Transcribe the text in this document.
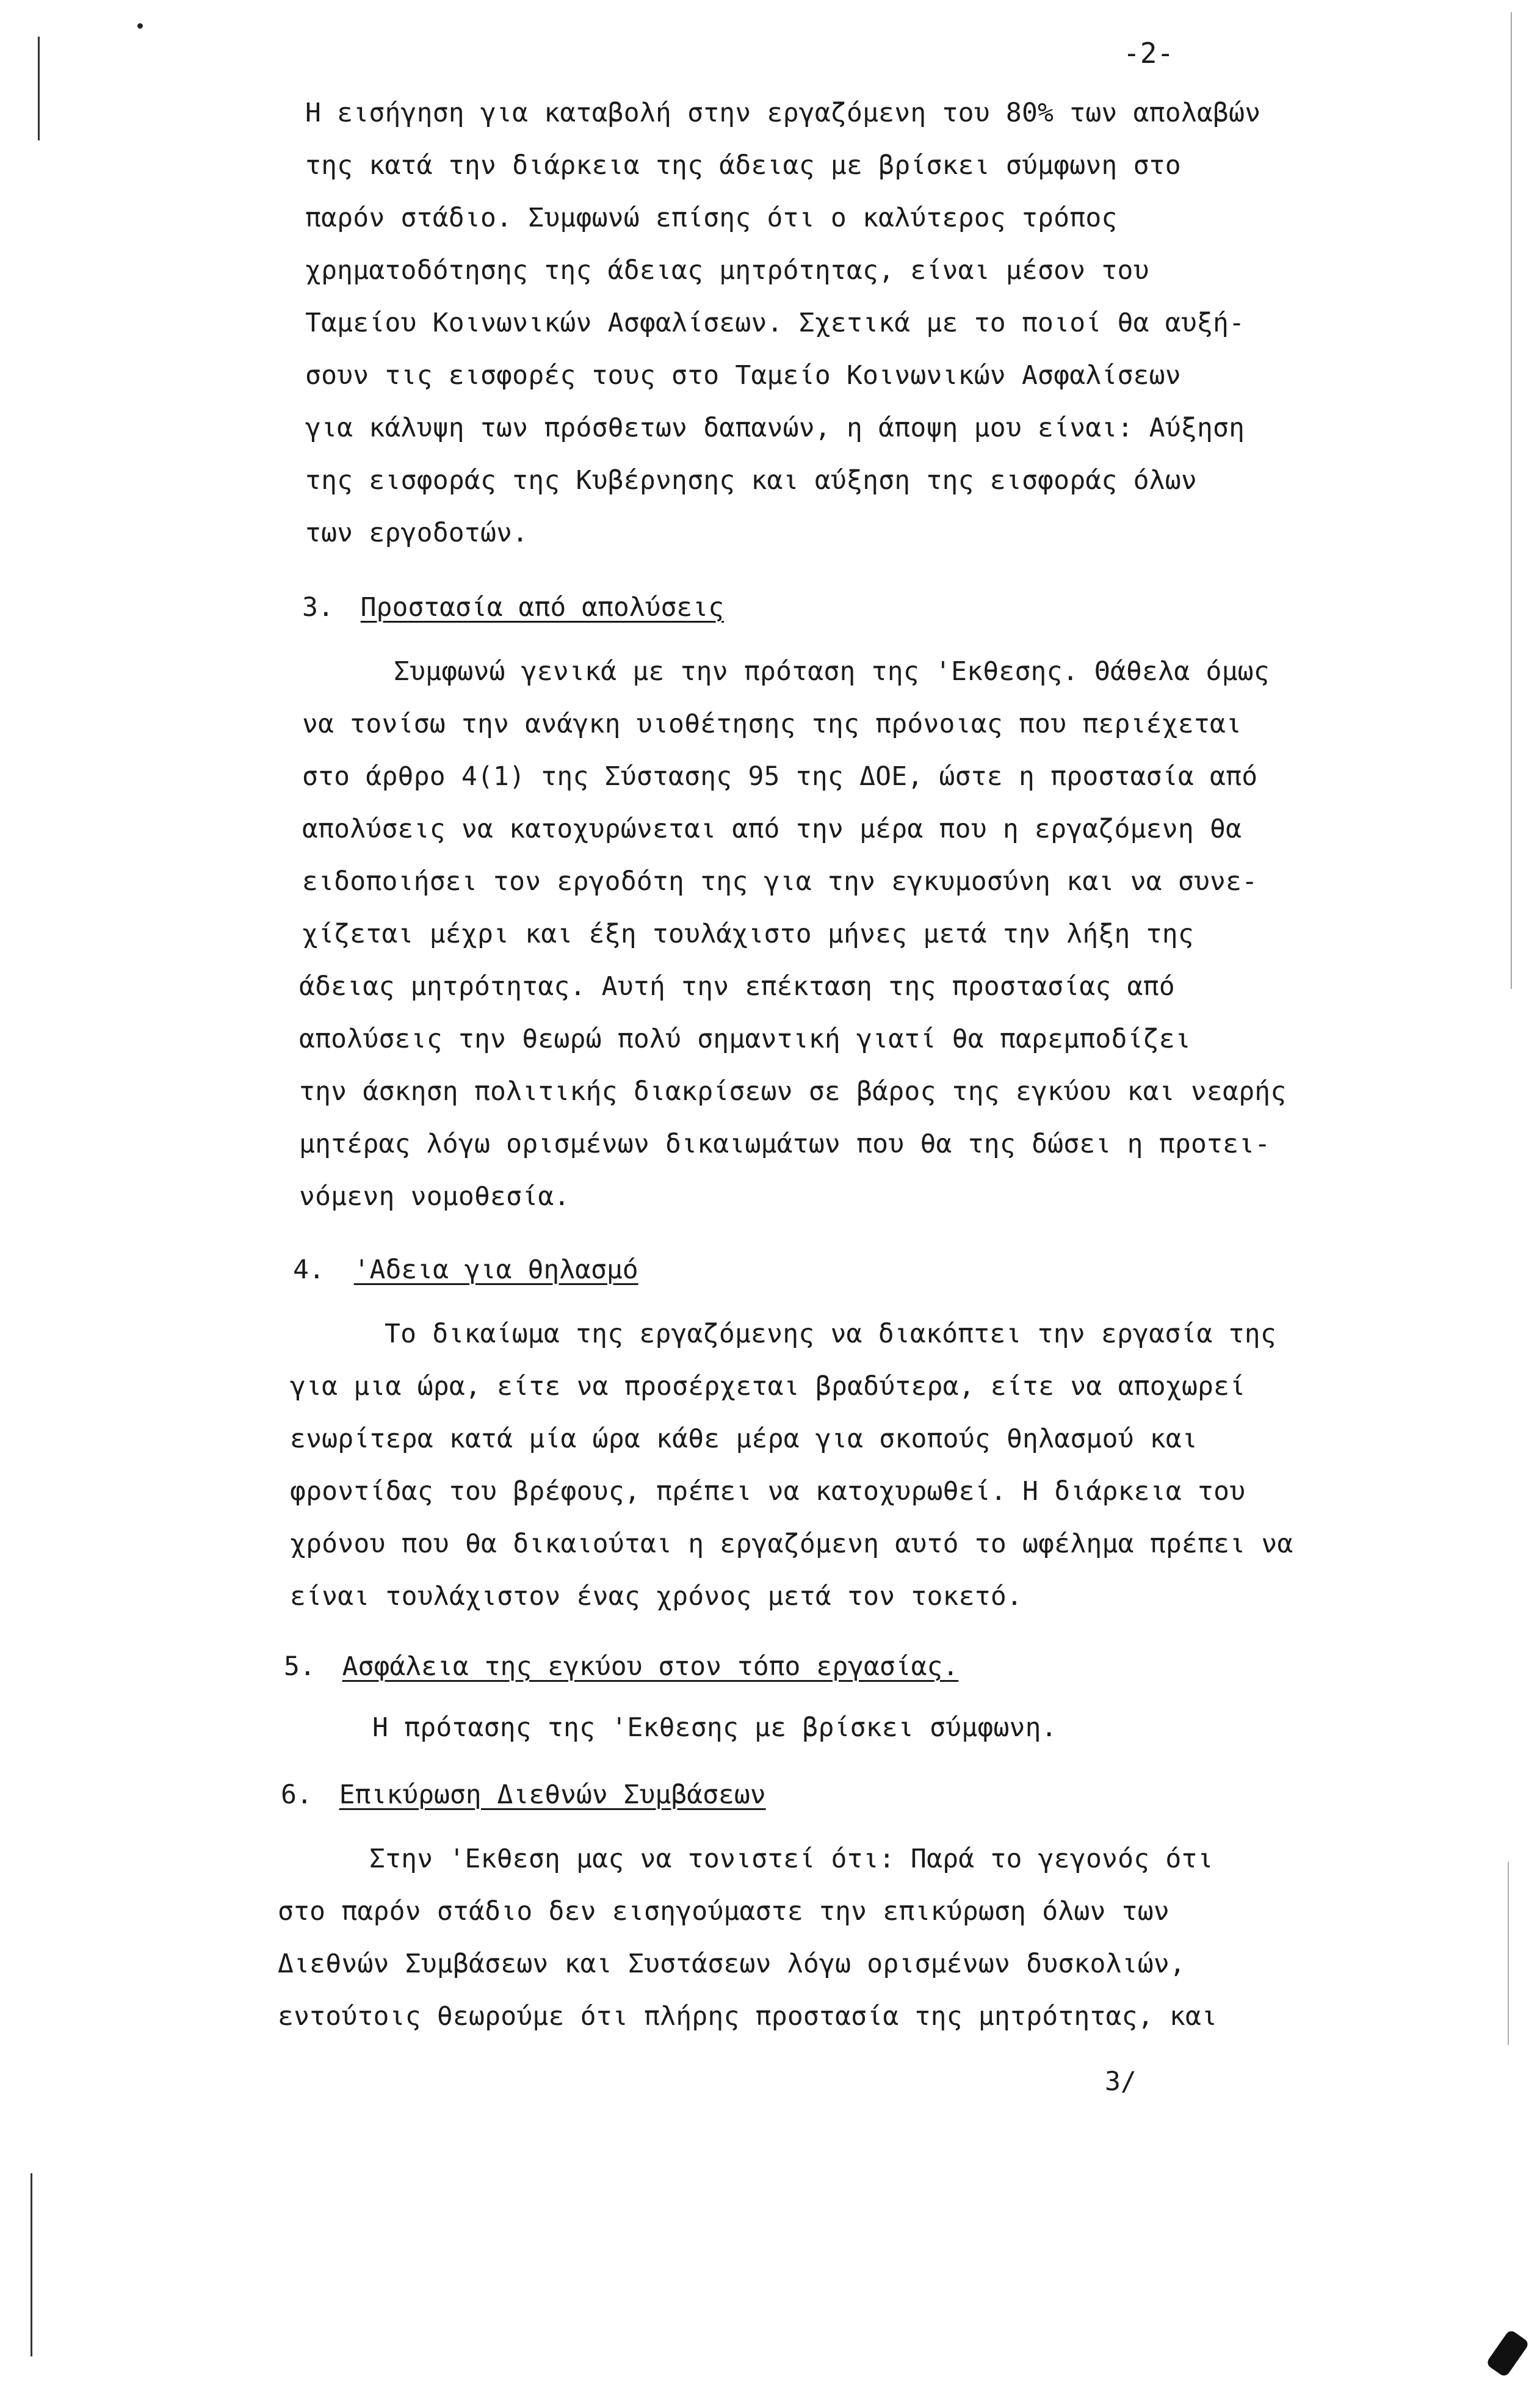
-2-
Η εισήγηση για καταβολή στην εργαζόμενη του 80% των απολαβών
της κατά την διάρκεια της άδειας με βρίσκει σύμφωνη στο
παρόν στάδιο. Συμφωνώ επίσης ότι ο καλύτερος τρόπος
χρηματοδότησης της άδειας μητρότητας, είναι μέσον του
Ταμείου Κοινωνικών Ασφαλίσεων. Σχετικά με το ποιοί θα αυξή-
σουν τις εισφορές τους στο Ταμείο Κοινωνικών Ασφαλίσεων
για κάλυψη των πρόσθετων δαπανών, η άποψη μου είναι: Αύξηση
της εισφοράς της Κυβέρνησης και αύξηση της εισφοράς όλων
των εργοδοτών.
3. Προστασία από απολύσεις
Συμφωνώ γενικά με την πρόταση της 'Εκθεσης. Θάθελα όμως
να τονίσω την ανάγκη υιοθέτησης της πρόνοιας που περιέχεται
στο άρθρο 4(1) της Σύστασης 95 της ΔΟΕ, ώστε η προστασία από
απολύσεις να κατοχυρώνεται από την μέρα που η εργαζόμενη θα
ειδοποιήσει τον εργοδότη της για την εγκυμοσύνη και να συνε-
χίζεται μέχρι και έξη τουλάχιστο μήνες μετά την λήξη της
άδειας μητρότητας. Αυτή την επέκταση της προστασίας από
απολύσεις την θεωρώ πολύ σημαντική γιατί θα παρεμποδίζει
την άσκηση πολιτικής διακρίσεων σε βάρος της εγκύου και νεαρής
μητέρας λόγω ορισμένων δικαιωμάτων που θα της δώσει η προτει-
νόμενη νομοθεσία.
4. 'Αδεια για θηλασμό
Το δικαίωμα της εργαζόμενης να διακόπτει την εργασία της
για μια ώρα, είτε να προσέρχεται βραδύτερα, είτε να αποχωρεί
ενωρίτερα κατά μία ώρα κάθε μέρα για σκοπούς θηλασμού και
φροντίδας του βρέφους, πρέπει να κατοχυρωθεί. Η διάρκεια του
χρόνου που θα δικαιούται η εργαζόμενη αυτό το ωφέλημα πρέπει να
είναι τουλάχιστον ένας χρόνος μετά τον τοκετό.
5. Ασφάλεια της εγκύου στον τόπο εργασίας.
Η πρότασης της 'Εκθεσης με βρίσκει σύμφωνη.
6. Επικύρωση Διεθνών Συμβάσεων
Στην 'Εκθεση μας να τονιστεί ότι: Παρά το γεγονός ότι
στο παρόν στάδιο δεν εισηγούμαστε την επικύρωση όλων των
Διεθνών Συμβάσεων και Συστάσεων λόγω ορισμένων δυσκολιών,
εντούτοις θεωρούμε ότι πλήρης προστασία της μητρότητας, και
3/
